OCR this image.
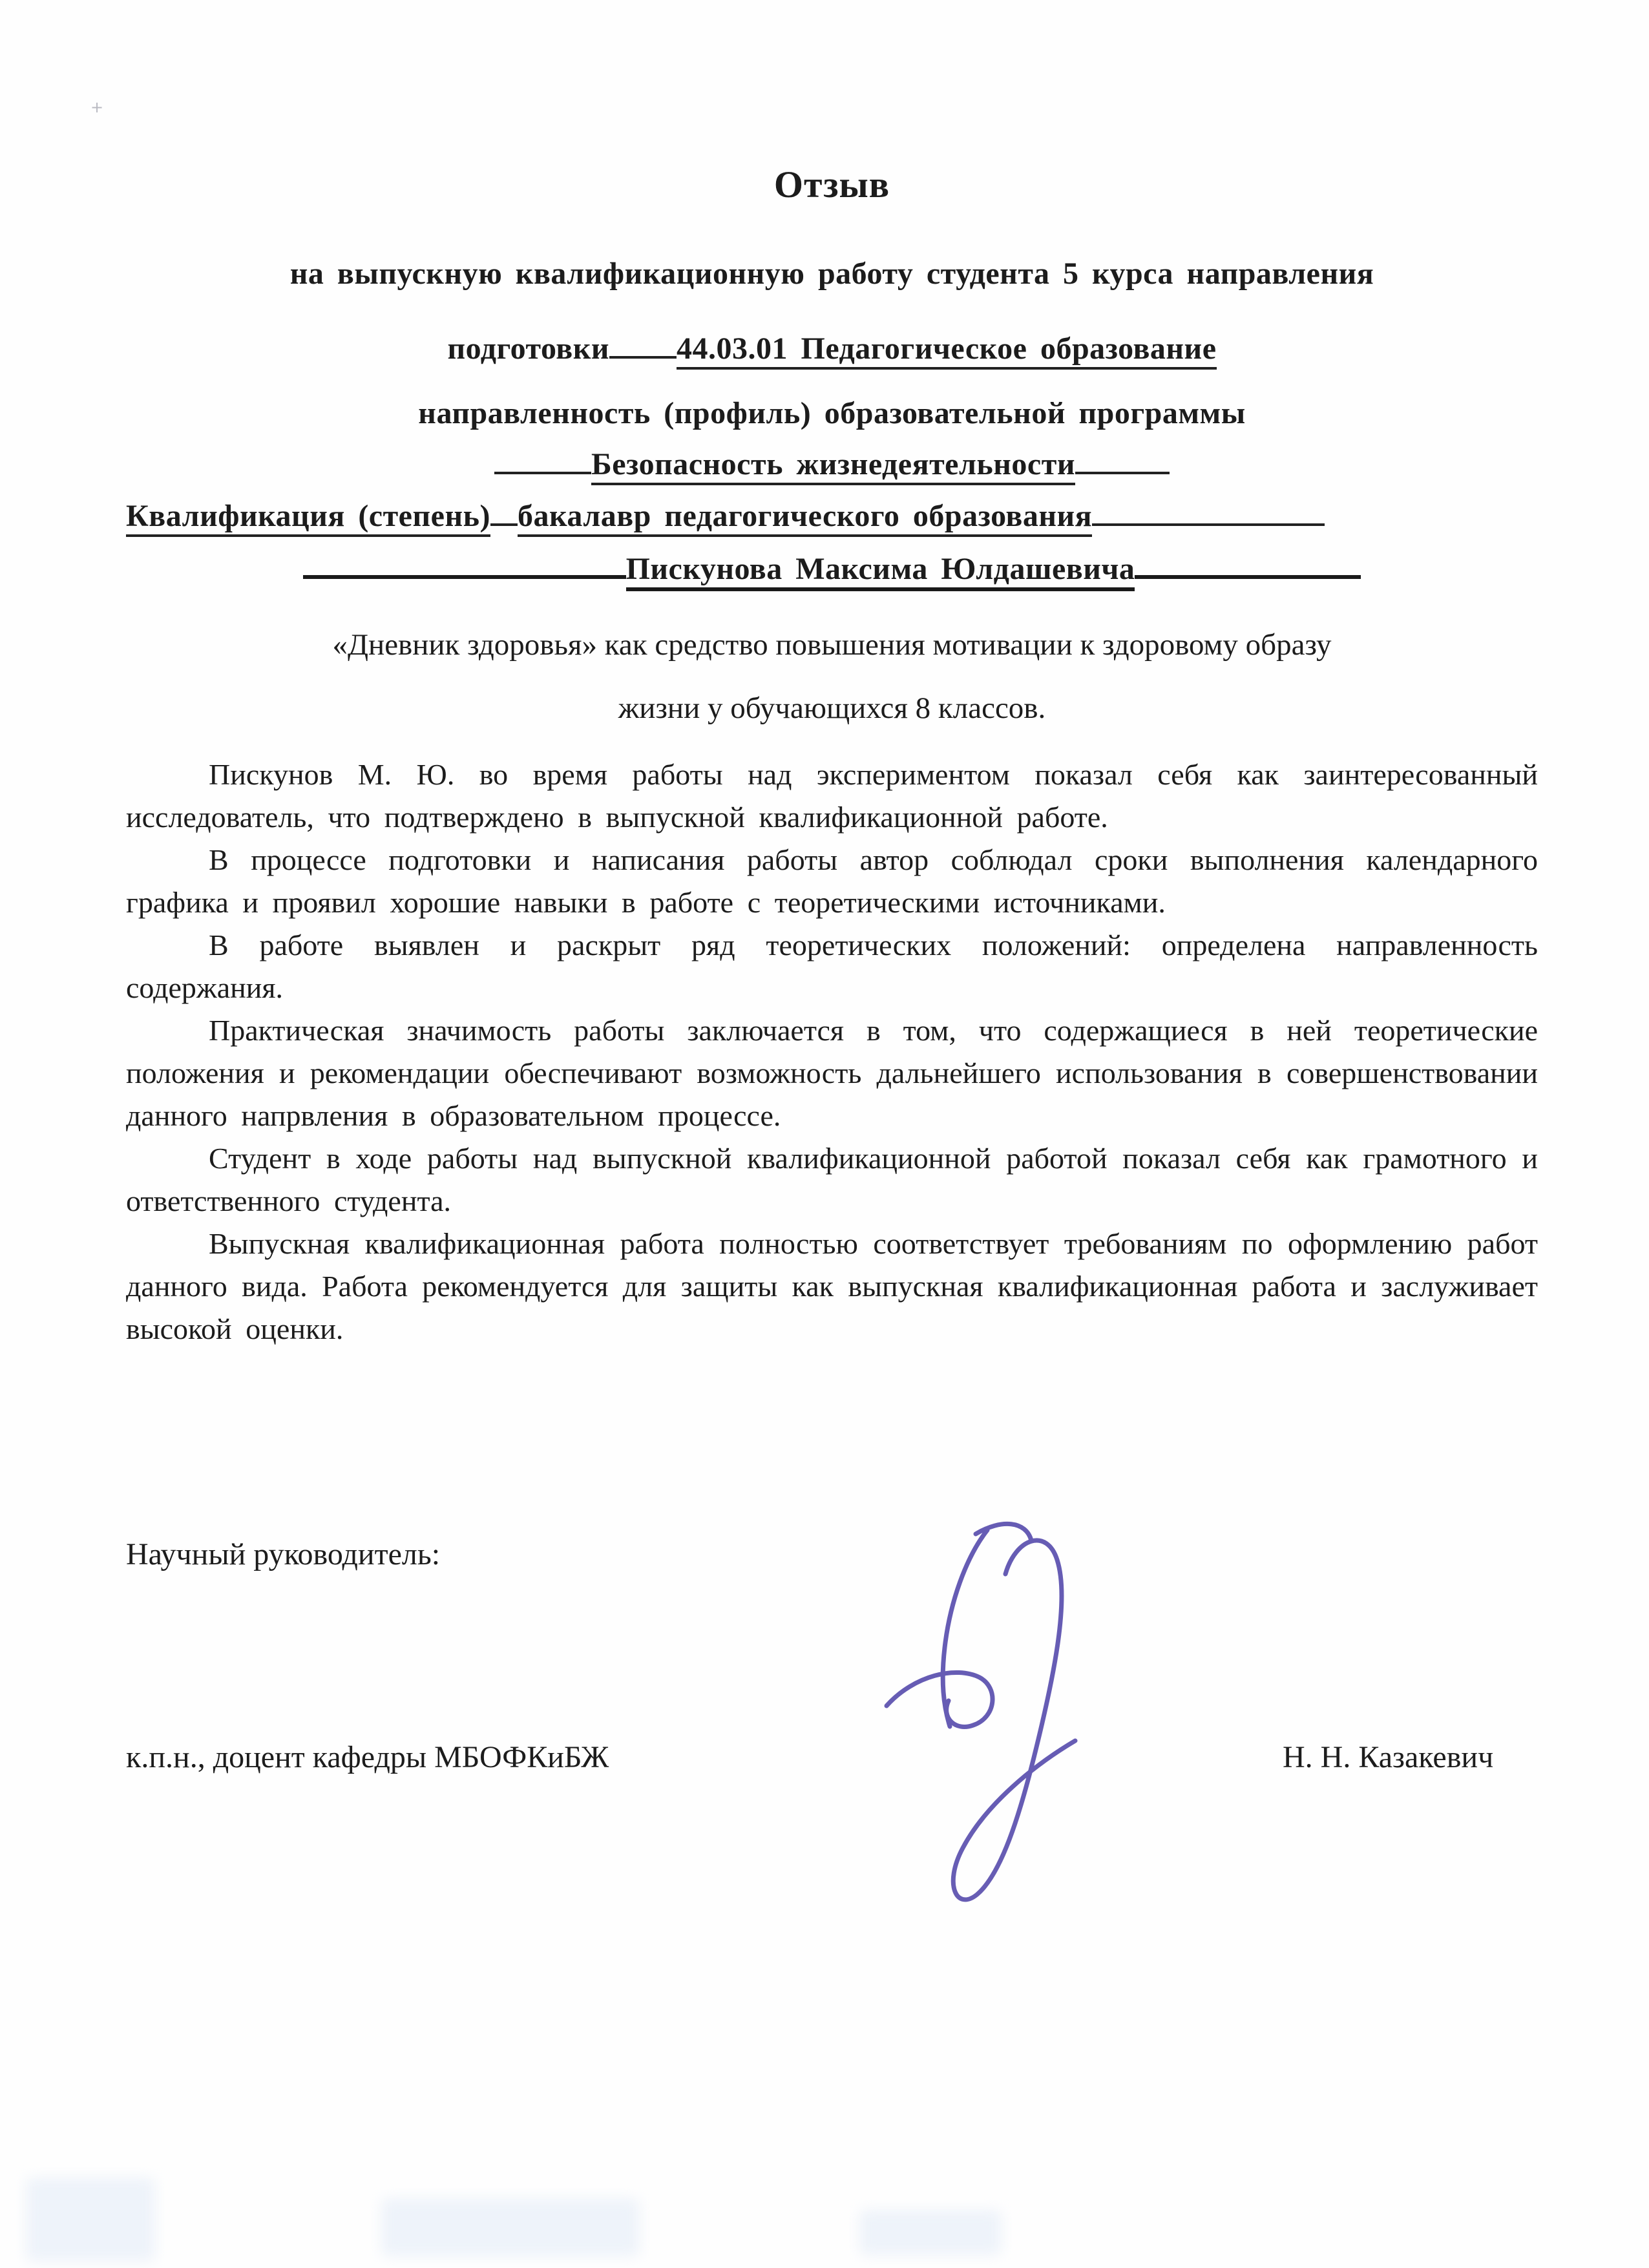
+
Отзыв
на выпускную квалификационную работу студента 5 курса направления
подготовки 44.03.01 Педагогическое образование
направленность (профиль) образовательной программы
Безопасность жизнедеятельности
Квалификация (степень) бакалавр педагогического образования
Пискунова Максима Юлдашевича
«Дневник здоровья» как средство повышения мотивации к здоровому образу
жизни у обучающихся 8 классов.

Пискунов М. Ю. во время работы над экспериментом показал себя как заинтересованный исследователь, что подтверждено в выпускной квалификационной работе.

В процессе подготовки и написания работы автор соблюдал сроки выполнения календарного графика и проявил хорошие навыки в работе с теоретическими источниками.

В работе выявлен и раскрыт ряд теоретических положений: определена направленность содержания.

Практическая значимость работы заключается в том, что содержащиеся в ней теоретические положения и рекомендации обеспечивают возможность дальнейшего использования в совершенствовании данного напрвления в образовательном процессе.

Студент в ходе работы над выпускной квалификационной работой показал себя как грамотного и ответственного студента.

Выпускная квалификационная работа полностью соответствует требованиям по оформлению работ данного вида. Работа рекомендуется для защиты как выпускная квалификационная работа и заслуживает высокой оценки.

Научный руководитель:
к.п.н., доцент кафедры МБОФКиБЖ	Н. Н. Казакевич
